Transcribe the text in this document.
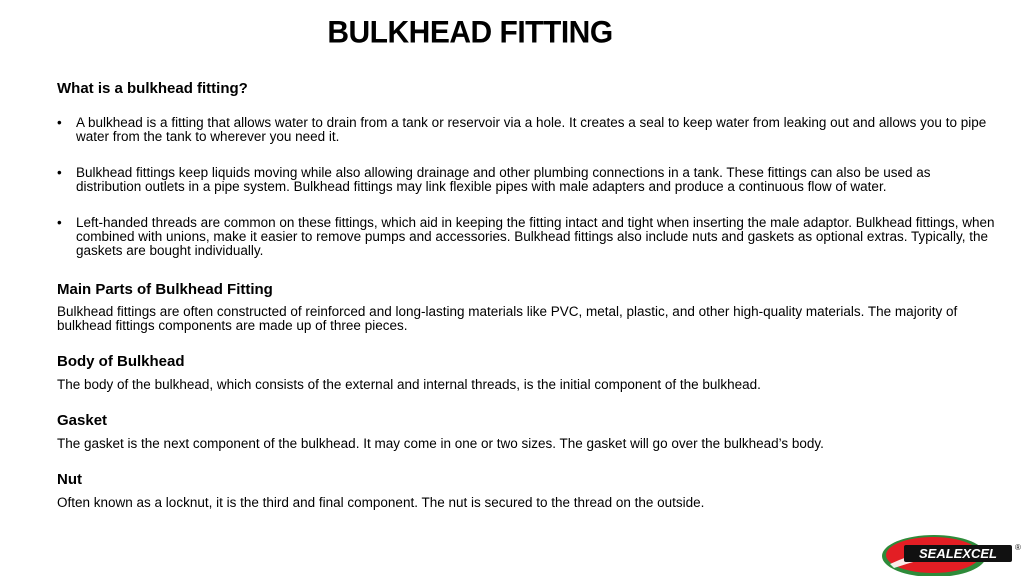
BULKHEAD FITTING
What is a bulkhead fitting?
• A bulkhead is a fitting that allows water to drain from a tank or reservoir via a hole. It creates a seal to keep water from leaking out and allows you to pipe water from the tank to wherever you need it.
• Bulkhead fittings keep liquids moving while also allowing drainage and other plumbing connections in a tank. These fittings can also be used as distribution outlets in a pipe system. Bulkhead fittings may link flexible pipes with male adapters and produce a continuous flow of water.
• Left-handed threads are common on these fittings, which aid in keeping the fitting intact and tight when inserting the male adaptor. Bulkhead fittings, when combined with unions, make it easier to remove pumps and accessories. Bulkhead fittings also include nuts and gaskets as optional extras. Typically, the gaskets are bought individually.
Main Parts of Bulkhead Fitting
Bulkhead fittings are often constructed of reinforced and long-lasting materials like PVC, metal, plastic, and other high-quality materials. The majority of bulkhead fittings components are made up of three pieces.
Body of Bulkhead
The body of the bulkhead, which consists of the external and internal threads, is the initial component of the bulkhead.
Gasket
The gasket is the next component of the bulkhead. It may come in one or two sizes. The gasket will go over the bulkhead’s body.
Nut
Often known as a locknut, it is the third and final component. The nut is secured to the thread on the outside.
SEALEXCEL ®
